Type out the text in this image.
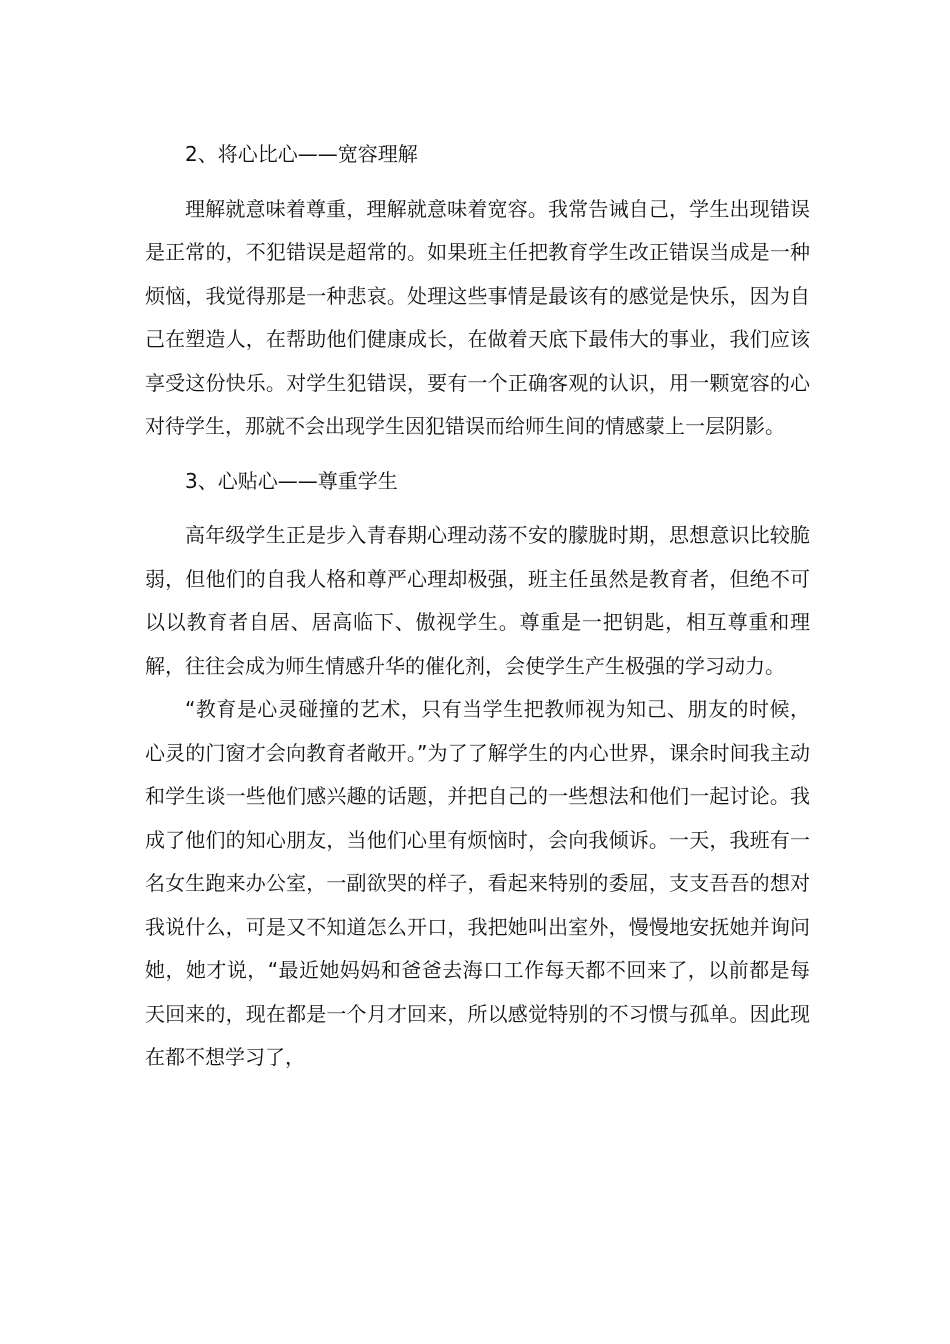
2、将心比心——宽容理解

理解就意味着尊重，理解就意味着宽容。我常告诫自己，学生出现错误是正常的，不犯错误是超常的。如果班主任把教育学生改正错误当成是一种烦恼，我觉得那是一种悲哀。处理这些事情是最该有的感觉是快乐，因为自己在塑造人，在帮助他们健康成长，在做着天底下最伟大的事业，我们应该享受这份快乐。对学生犯错误，要有一个正确客观的认识，用一颗宽容的心对待学生，那就不会出现学生因犯错误而给师生间的情感蒙上一层阴影。

3、心贴心——尊重学生

高年级学生正是步入青春期心理动荡不安的朦胧时期，思想意识比较脆弱，但他们的自我人格和尊严心理却极强，班主任虽然是教育者，但绝不可以以教育者自居、居高临下、傲视学生。尊重是一把钥匙，相互尊重和理解，往往会成为师生情感升华的催化剂，会使学生产生极强的学习动力。

“教育是心灵碰撞的艺术，只有当学生把教师视为知己、朋友的时候，心灵的门窗才会向教育者敞开。”为了了解学生的内心世界，课余时间我主动和学生谈一些他们感兴趣的话题，并把自己的一些想法和他们一起讨论。我成了他们的知心朋友，当他们心里有烦恼时，会向我倾诉。一天，我班有一名女生跑来办公室，一副欲哭的样子，看起来特别的委屈，支支吾吾的想对我说什么，可是又不知道怎么开口，我把她叫出室外，慢慢地安抚她并询问她，她才说，“最近她妈妈和爸爸去海口工作每天都不回来了，以前都是每天回来的，现在都是一个月才回来，所以感觉特别的不习惯与孤单。因此现在都不想学习了，
